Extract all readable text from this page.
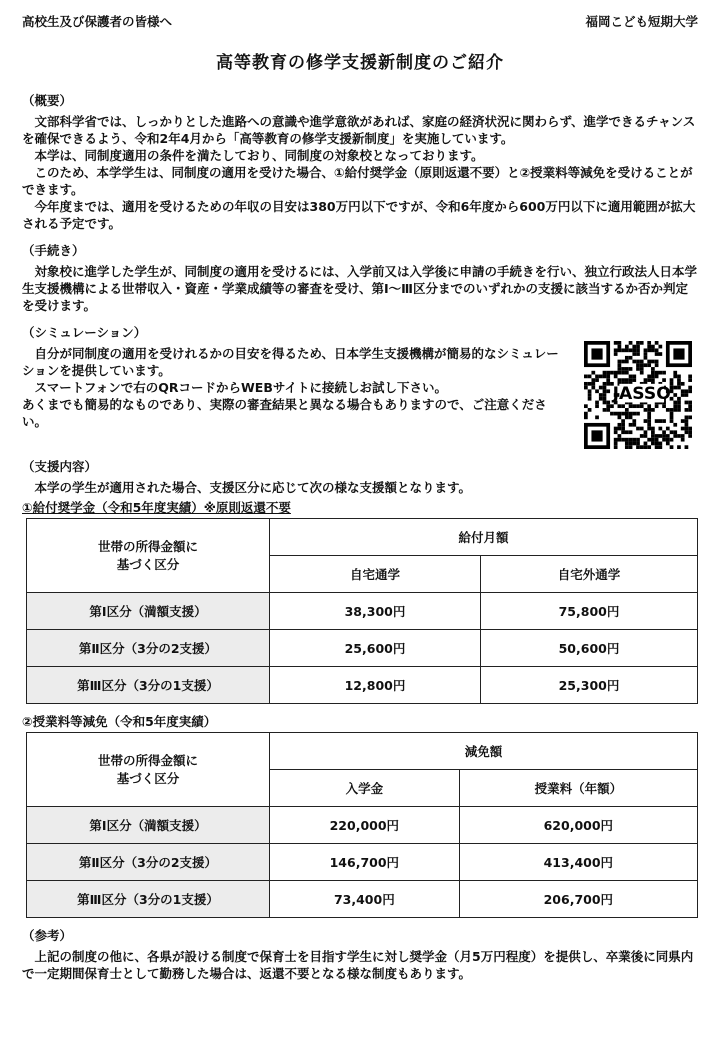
高校生及び保護者の皆様へ	福岡こども短期大学
高等教育の修学支援新制度のご紹介
（概要）

文部科学省では、しっかりとした進路への意識や進学意欲があれば、家庭の経済状況に関わらず、進学できるチャンスを確保できるよう、令和2年4月から「高等教育の修学支援新制度」を実施しています。

本学は、同制度適用の条件を満たしており、同制度の対象校となっております。

このため、本学学生は、同制度の適用を受けた場合、①給付奨学金（原則返還不要）と②授業料等減免を受けることができます。

今年度までは、適用を受けるための年収の目安は380万円以下ですが、令和6年度から600万円以下に適用範囲が拡大される予定です。

（手続き）

対象校に進学した学生が、同制度の適用を受けるには、入学前又は入学後に申請の手続きを行い、独立行政法人日本学生支援機構による世帯収入・資産・学業成績等の審査を受け、第Ⅰ～Ⅲ区分までのいずれかの支援に該当するか否か判定を受けます。

（シミュレーション）

自分が同制度の適用を受けれるかの目安を得るため、日本学生支援機構が簡易的なシミュレーションを提供しています。

スマートフォンで右のQRコードからWEBサイトに接続しお試し下さい。

あくまでも簡易的なものであり、実際の審査結果と異なる場合もありますので、ご注意ください。

JASSO
（支援内容）

本学の学生が適用された場合、支援区分に応じて次の様な支援額となります。

①給付奨学金（令和5年度実績）※原則返還不要
世帯の所得金額に
基づく区分	給付月額	
	自宅通学	自宅外通学
第Ⅰ区分（満額支援）	38,300円	75,800円
第Ⅱ区分（3分の2支援）	25,600円	50,600円
第Ⅲ区分（3分の1支援）	12,800円	25,300円
②授業料等減免（令和5年度実績）
世帯の所得金額に
基づく区分	減免額	
	入学金	授業料（年額）
第Ⅰ区分（満額支援）	220,000円	620,000円
第Ⅱ区分（3分の2支援）	146,700円	413,400円
第Ⅲ区分（3分の1支援）	73,400円	206,700円
（参考）

上記の制度の他に、各県が設ける制度で保育士を目指す学生に対し奨学金（月5万円程度）を提供し、卒業後に同県内で一定期間保育士として勤務した場合は、返還不要となる様な制度もあります。
